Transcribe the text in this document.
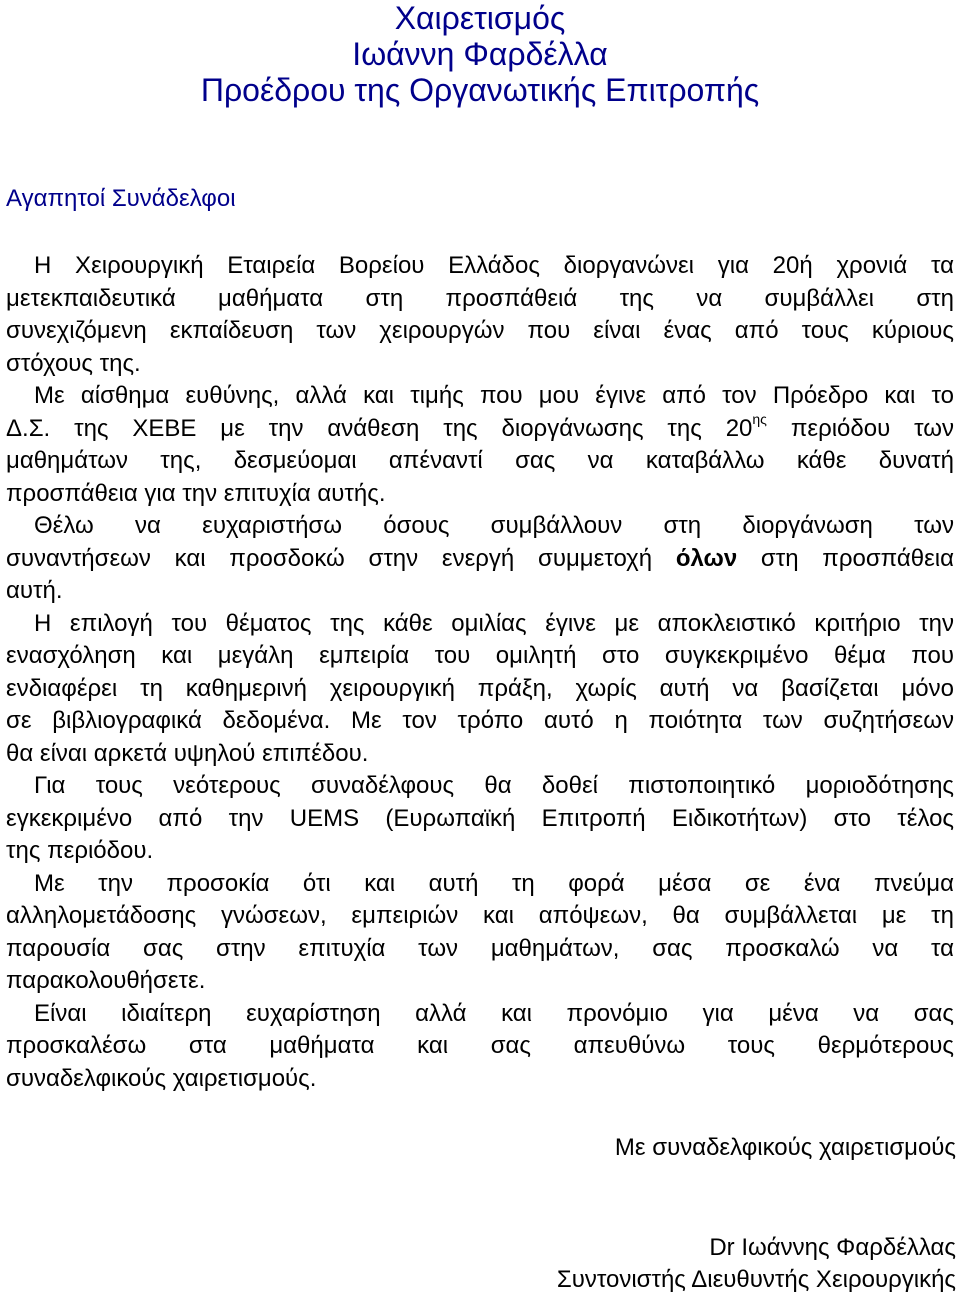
Χαιρετισμός
Ιωάννη Φαρδέλλα
Προέδρου της Οργανωτικής Επιτροπής
Αγαπητοί Συνάδελφοι
Η Χειρουργική Εταιρεία Βορείου Ελλάδος διοργανώνει για 20ή χρονιά τα
μετεκπαιδευτικά μαθήματα στη προσπάθειά της να συμβάλλει στη
συνεχιζόμενη εκπαίδευση των χειρουργών που είναι ένας από τους κύριους
στόχους της.
Με αίσθημα ευθύνης, αλλά και τιμής που μου έγινε από τον Πρόεδρο και το
Δ.Σ. της ΧΕΒΕ με την ανάθεση της διοργάνωσης της $20^{\eta\varsigma}$ περιόδου των
μαθημάτων της, δεσμεύομαι απέναντί σας να καταβάλλω κάθε δυνατή
προσπάθεια για την επιτυχία αυτής.
Θέλω να ευχαριστήσω όσους συμβάλλουν στη διοργάνωση των
συναντήσεων και προσδοκώ στην ενεργή συμμετοχή όλων στη προσπάθεια
αυτή.
Η επιλογή του θέματος της κάθε ομιλίας έγινε με αποκλειστικό κριτήριο την
ενασχόληση και μεγάλη εμπειρία του ομιλητή στο συγκεκριμένο θέμα που
ενδιαφέρει τη καθημερινή χειρουργική πράξη, χωρίς αυτή να βασίζεται μόνο
σε βιβλιογραφικά δεδομένα. Με τον τρόπο αυτό η ποιότητα των συζητήσεων
θα είναι αρκετά υψηλού επιπέδου.
Για τους νεότερους συναδέλφους θα δοθεί πιστοποιητικό μοριοδότησης
εγκεκριμένο από την UEMS (Ευρωπαϊκή Επιτροπή Ειδικοτήτων) στο τέλος
της περιόδου.
Με την προσοκία ότι και αυτή τη φορά μέσα σε ένα πνεύμα
αλληλομετάδοσης γνώσεων, εμπειριών και απόψεων, θα συμβάλλεται με τη
παρουσία σας στην επιτυχία των μαθημάτων, σας προσκαλώ να τα
παρακολουθήσετε.
Είναι ιδιαίτερη ευχαρίστηση αλλά και προνόμιο για μένα να σας
προσκαλέσω στα μαθήματα και σας απευθύνω τους θερμότερους
συναδελφικούς χαιρετισμούς.
Με συναδελφικούς χαιρετισμούς
Dr Ιωάννης Φαρδέλλας
Συντονιστής Διευθυντής Χειρουργικής
